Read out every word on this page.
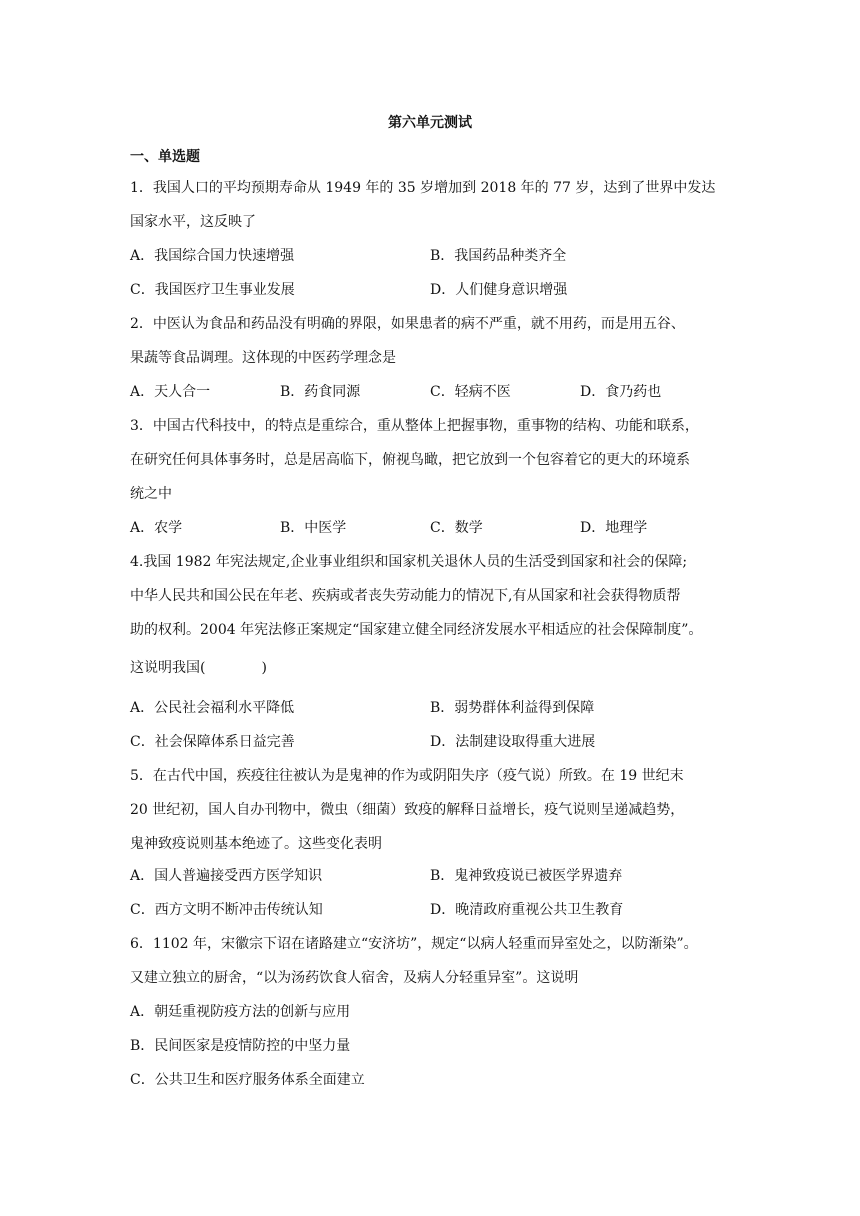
第六单元测试
一、单选题
1．我国人口的平均预期寿命从 1949 年的 35 岁增加到 2018 年的 77 岁，达到了世界中发达
国家水平，这反映了
A．我国综合国力快速增强	B．我国药品种类齐全
C．我国医疗卫生事业发展	D．人们健身意识增强
2．中医认为食品和药品没有明确的界限，如果患者的病不严重，就不用药，而是用五谷、
果蔬等食品调理。这体现的中医药学理念是
A．天人合一	B．药食同源	C．轻病不医	D．食乃药也
3．中国古代科技中，的特点是重综合，重从整体上把握事物，重事物的结构、功能和联系，
在研究任何具体事务时，总是居高临下，俯视鸟瞰，把它放到一个包容着它的更大的环境系
统之中
A．农学	B．中医学	C．数学	D．地理学
4.我国 1982 年宪法规定,企业事业组织和国家机关退休人员的生活受到国家和社会的保障;
中华人民共和国公民在年老、疾病或者丧失劳动能力的情况下,有从国家和社会获得物质帮
助的权利。2004 年宪法修正案规定“国家建立健全同经济发展水平相适应的社会保障制度”。
这说明我国(　　　　)
A．公民社会福利水平降低	B．弱势群体利益得到保障
C．社会保障体系日益完善	D．法制建设取得重大进展
5．在古代中国，疾疫往往被认为是鬼神的作为或阴阳失序（疫气说）所致。在 19 世纪末
20 世纪初，国人自办刊物中，微虫（细菌）致疫的解释日益增长，疫气说则呈递减趋势，
鬼神致疫说则基本绝迹了。这些变化表明
A．国人普遍接受西方医学知识	B．鬼神致疫说已被医学界遗弃
C．西方文明不断冲击传统认知	D．晚清政府重视公共卫生教育
6．1102 年，宋徽宗下诏在诸路建立“安济坊”，规定“以病人轻重而异室处之，以防渐染”。
又建立独立的厨舍，“以为汤药饮食人宿舍，及病人分轻重异室”。这说明
A．朝廷重视防疫方法的创新与应用
B．民间医家是疫情防控的中坚力量
C．公共卫生和医疗服务体系全面建立
